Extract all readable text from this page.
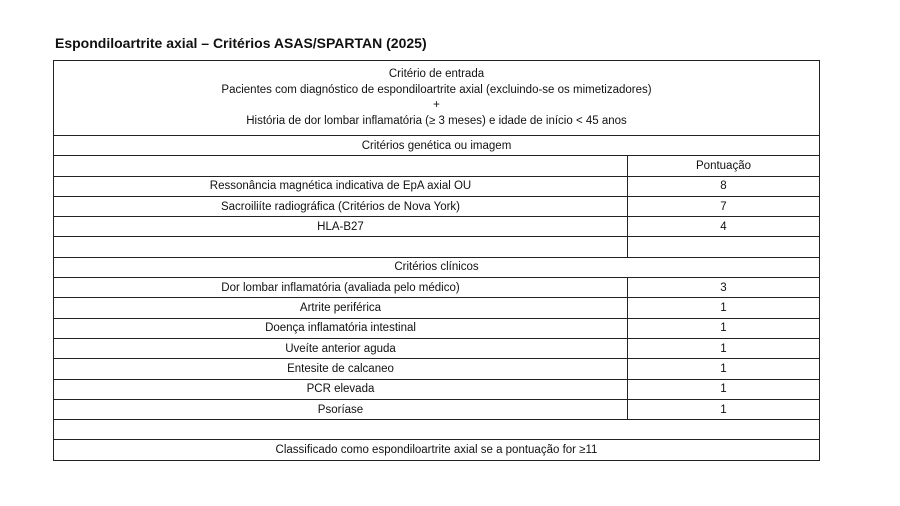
Espondiloartrite axial – Critérios ASAS/SPARTAN (2025)
Critério de entrada
Pacientes com diagnóstico de espondiloartrite axial (excluindo-se os mimetizadores)
+
História de dor lombar inflamatória (≥ 3 meses) e idade de início < 45 anos	

Critérios genética ou imagem	
	Pontuação
Ressonância magnética indicativa de EpA axial OU	8
Sacroiliíte radiográfica (Critérios de Nova York)	7
HLA-B27	4

Critérios clínicos	
Dor lombar inflamatória (avaliada pelo médico)	3
Artrite periférica	1
Doença inflamatória intestinal	1
Uveíte anterior aguda	1
Entesite de calcaneo	1
PCR elevada	1
Psoríase	1

Classificado como espondiloartrite axial se a pontuação for ≥11	
